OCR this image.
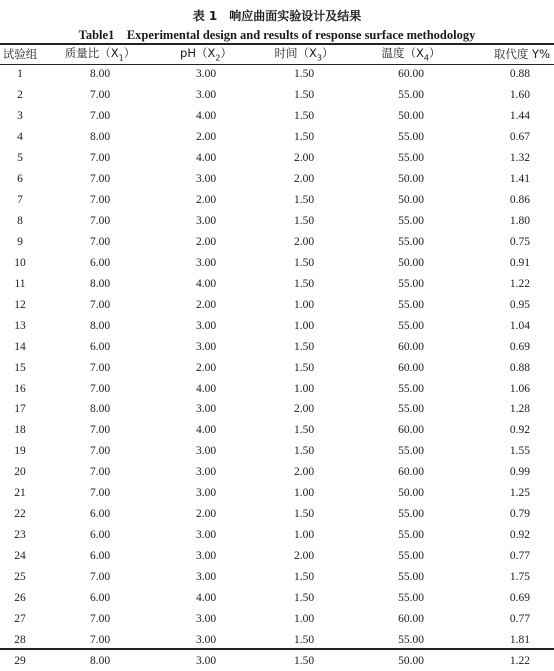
表 1　响应曲面实验设计及结果
Table1　Experimental design and results of response surface methodology
试验组	质量比$(X_1)$	$pH(X_2)$	时间$(X_3)$	温度$(X_4)$	取代度 Y%
1	8.00	3.00	1.50	60.00	0.88
2	7.00	3.00	1.50	55.00	1.60
3	7.00	4.00	1.50	50.00	1.44
4	8.00	2.00	1.50	55.00	0.67
5	7.00	4.00	2.00	55.00	1.32
6	7.00	3.00	2.00	50.00	1.41
7	7.00	2.00	1.50	50.00	0.86
8	7.00	3.00	1.50	55.00	1.80
9	7.00	2.00	2.00	55.00	0.75
10	6.00	3.00	1.50	50.00	0.91
11	8.00	4.00	1.50	55.00	1.22
12	7.00	2.00	1.00	55.00	0.95
13	8.00	3.00	1.00	55.00	1.04
14	6.00	3.00	1.50	60.00	0.69
15	7.00	2.00	1.50	60.00	0.88
16	7.00	4.00	1.00	55.00	1.06
17	8.00	3.00	2.00	55.00	1.28
18	7.00	4.00	1.50	60.00	0.92
19	7.00	3.00	1.50	55.00	1.55
20	7.00	3.00	2.00	60.00	0.99
21	7.00	3.00	1.00	50.00	1.25
22	6.00	2.00	1.50	55.00	0.79
23	6.00	3.00	1.00	55.00	0.92
24	6.00	3.00	2.00	55.00	0.77
25	7.00	3.00	1.50	55.00	1.75
26	6.00	4.00	1.50	55.00	0.69
27	7.00	3.00	1.00	60.00	0.77
28	7.00	3.00	1.50	55.00	1.81
29	8.00	3.00	1.50	50.00	1.22
